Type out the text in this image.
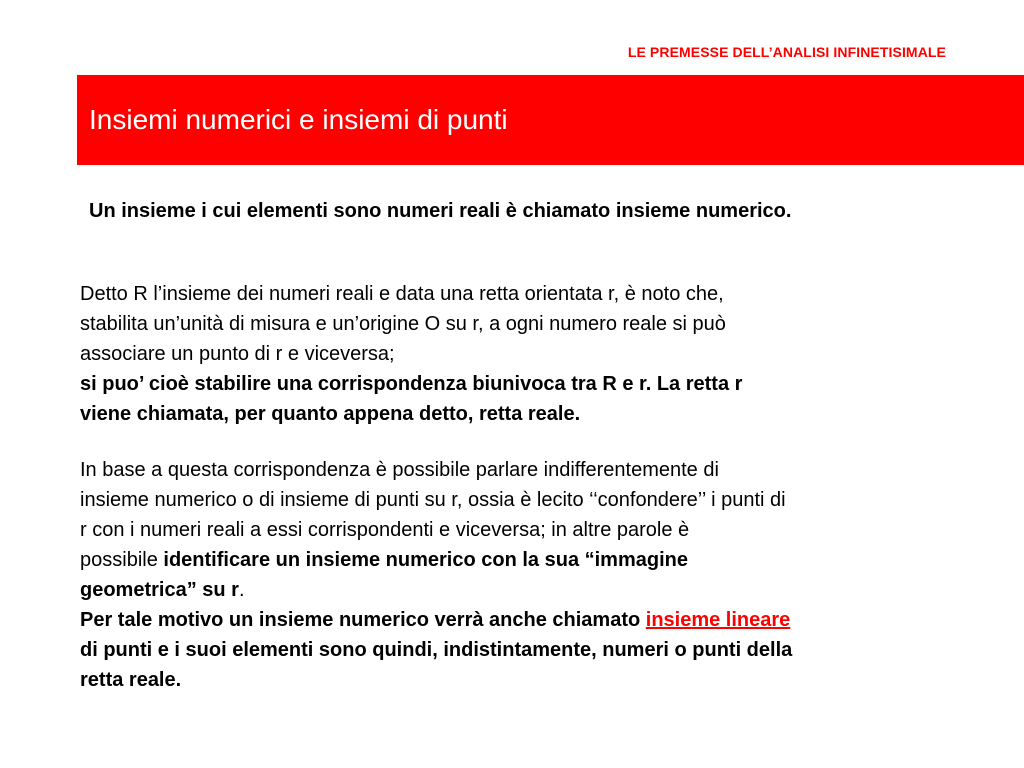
LE PREMESSE DELL’ANALISI INFINETISIMALE
Insiemi numerici e insiemi di punti
Un insieme i cui elementi sono numeri reali è chiamato insieme numerico.
Detto R l’insieme dei numeri reali e data una retta orientata r, è noto che,
stabilita un’unità di misura e un’origine O su r, a ogni numero reale si può
associare un punto di r e viceversa;
si puo’ cioè stabilire una corrispondenza biunivoca tra R e r. La retta r
viene chiamata, per quanto appena detto, retta reale.
In base a questa corrispondenza è possibile parlare indifferentemente di
insieme numerico o di insieme di punti su r, ossia è lecito ‘‘confondere’’ i punti di
r con i numeri reali a essi corrispondenti e viceversa; in altre parole è
possibile identificare un insieme numerico con la sua “immagine
geometrica” su r.
Per tale motivo un insieme numerico verrà anche chiamato insieme lineare
di punti e i suoi elementi sono quindi, indistintamente, numeri o punti della
retta reale.
